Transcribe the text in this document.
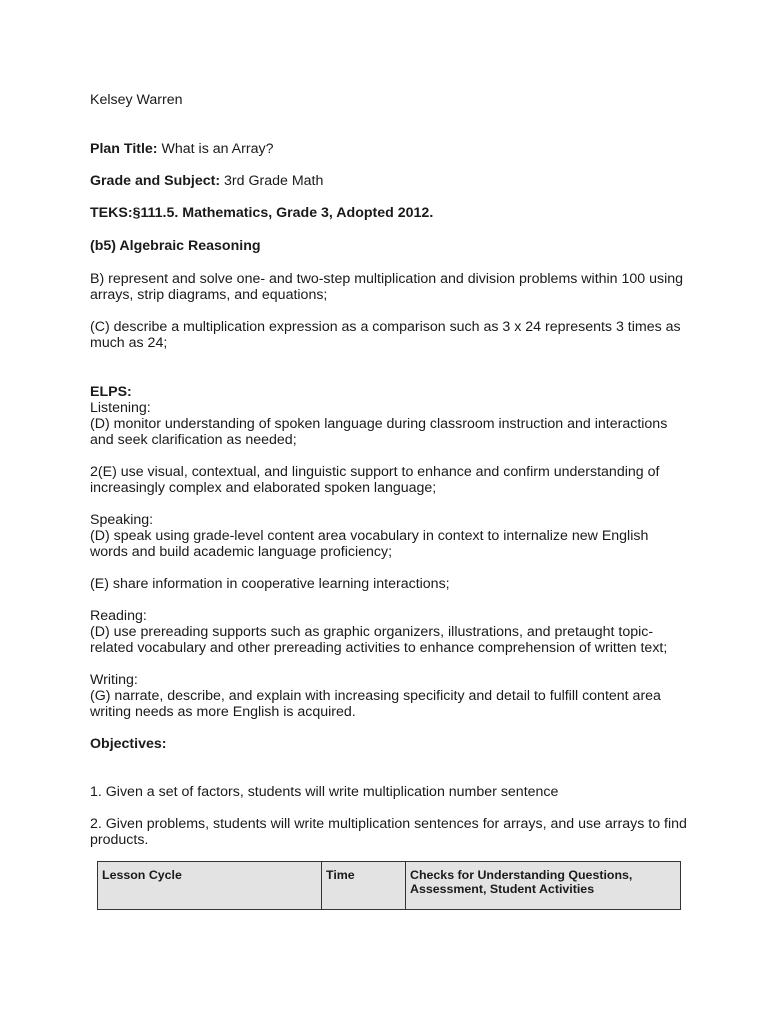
Kelsey Warren

Plan Title: What is an Array?

Grade and Subject: 3rd Grade Math

TEKS:§111.5. Mathematics, Grade 3, Adopted 2012.

(b5) Algebraic Reasoning

B) represent and solve one- and two-step multiplication and division problems within 100 using arrays, strip diagrams, and equations;

(C) describe a multiplication expression as a comparison such as 3 x 24 represents 3 times as much as 24;

ELPS:

Listening:

(D) monitor understanding of spoken language during classroom instruction and interactions and seek clarification as needed;

2(E) use visual, contextual, and linguistic support to enhance and confirm understanding of increasingly complex and elaborated spoken language;

Speaking:

(D) speak using grade-level content area vocabulary in context to internalize new English words and build academic language proficiency;

(E) share information in cooperative learning interactions;

Reading:

(D) use prereading supports such as graphic organizers, illustrations, and pretaught topic-related vocabulary and other prereading activities to enhance comprehension of written text;

Writing:

(G) narrate, describe, and explain with increasing specificity and detail to fulfill content area writing needs as more English is acquired.

Objectives:

1. Given a set of factors, students will write multiplication number sentence

2. Given problems, students will write multiplication sentences for arrays, and use arrays to find products.

Lesson Cycle	Time	Checks for Understanding Questions, Assessment, Student Activities
